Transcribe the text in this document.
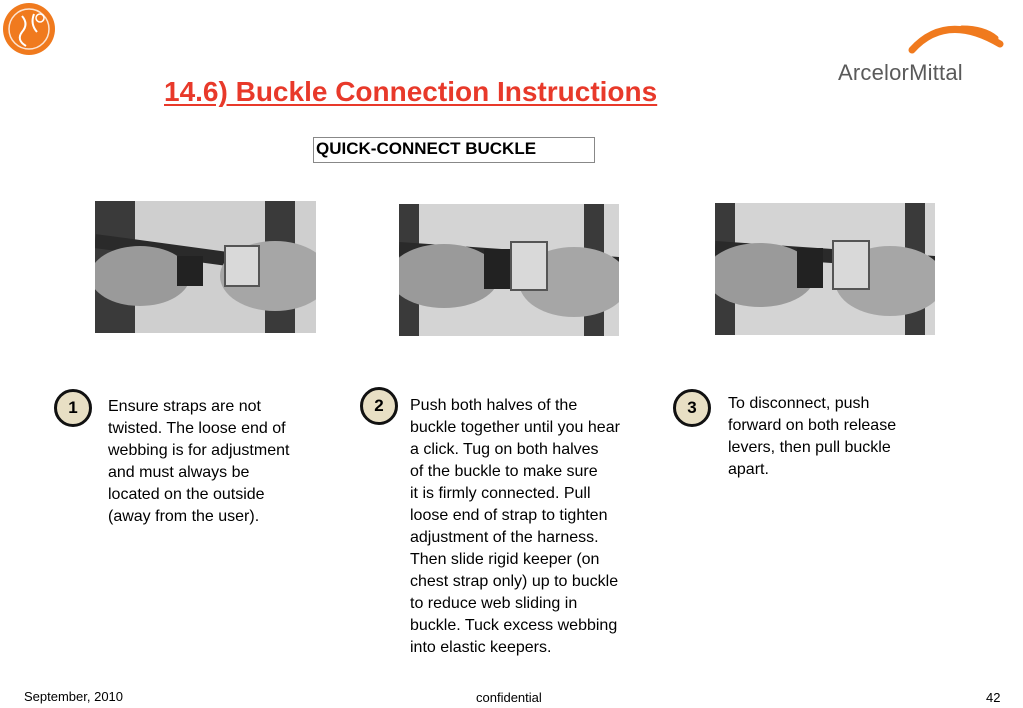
ArcelorMittal
14.6) Buckle Connection Instructions
QUICK-CONNECT BUCKLE
1	2	3
Ensure straps are not
twisted. The loose end of
webbing is for adjustment
and must always be
located on the outside
(away from the user).
Push both halves of the
buckle together until you hear
a click. Tug on both halves
of the buckle to make sure
it is firmly connected. Pull
loose end of strap to tighten
adjustment of the harness.
Then slide rigid keeper (on
chest strap only) up to buckle
to reduce web sliding in
buckle. Tuck excess webbing
into elastic keepers.
To disconnect, push
forward on both release
levers, then pull buckle
apart.
September, 2010	confidential	42
